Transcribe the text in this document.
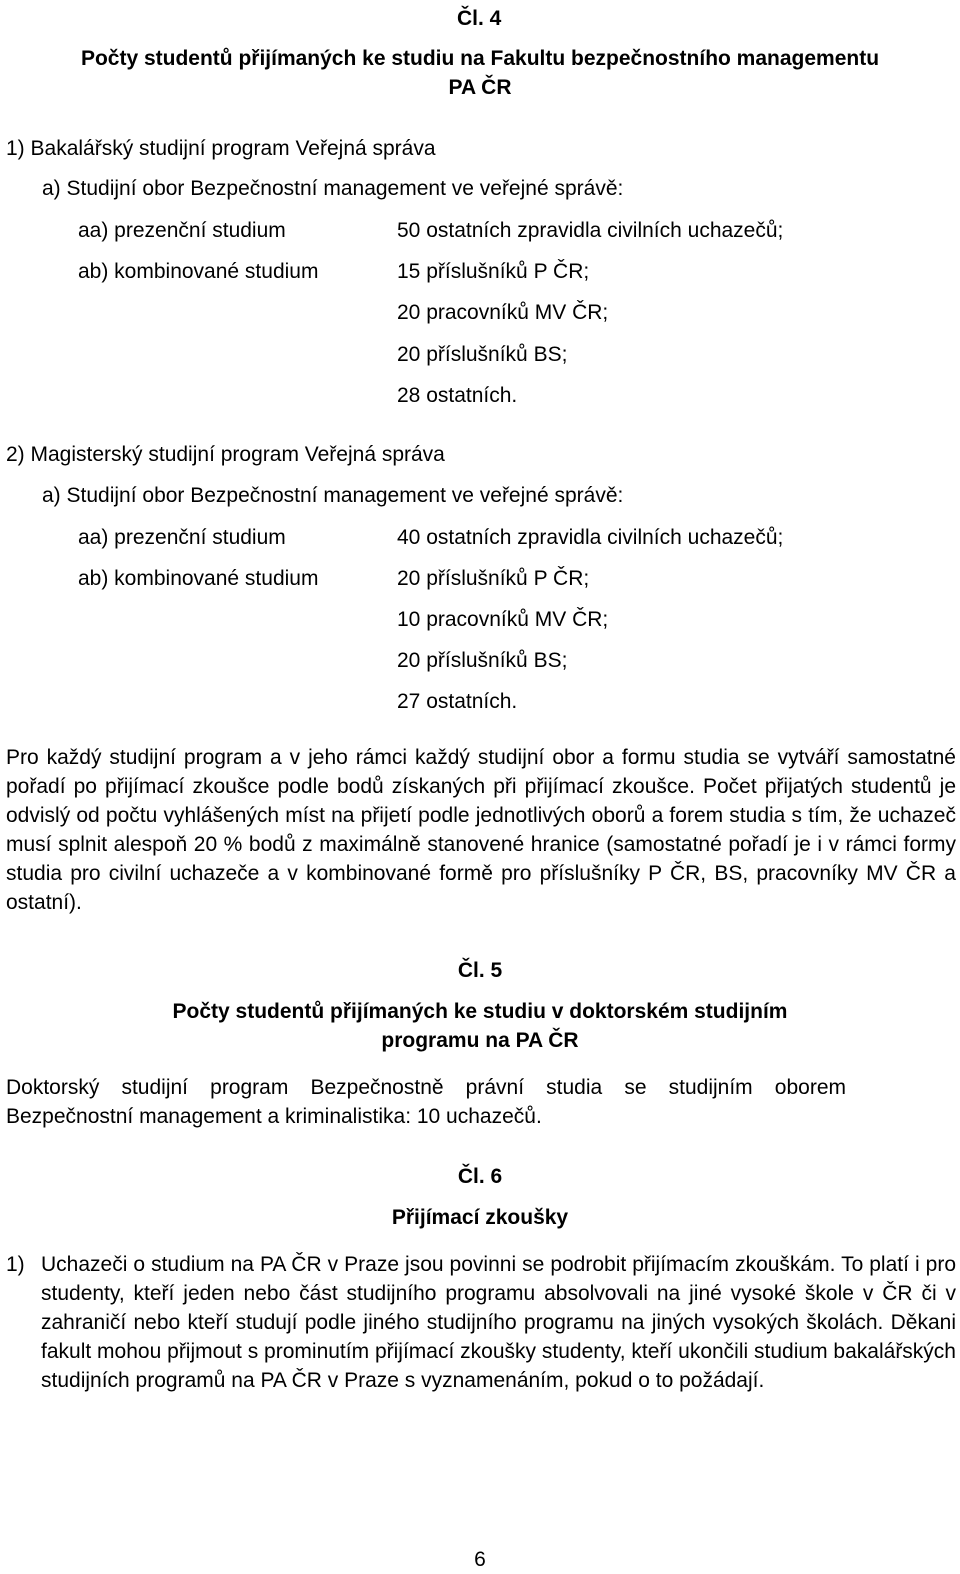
Čl. 4
Počty studentů přijímaných ke studiu na Fakultu bezpečnostního managementu
PA ČR
1) Bakalářský studijní program Veřejná správa
a) Studijní obor Bezpečnostní management ve veřejné správě:
aa) prezenční studium	50 ostatních zpravidla civilních uchazečů;
ab) kombinované studium	15 příslušníků P ČR;
20 pracovníků MV ČR;
20 příslušníků BS;
28 ostatních.
2) Magisterský studijní program Veřejná správa
a) Studijní obor Bezpečnostní management ve veřejné správě:
aa) prezenční studium	40 ostatních zpravidla civilních uchazečů;
ab) kombinované studium	20 příslušníků P ČR;
10 pracovníků MV ČR;
20 příslušníků BS;
27 ostatních.
Pro každý studijní program a v jeho rámci každý studijní obor a formu studia se vytváří samostatné pořadí po přijímací zkoušce podle bodů získaných při přijímací zkoušce. Počet přijatých studentů je odvislý od počtu vyhlášených míst na přijetí podle jednotlivých oborů a forem studia s tím, že uchazeč musí splnit alespoň 20 % bodů z maximálně stanovené hranice (samostatné pořadí je i v rámci formy studia pro civilní uchazeče a v kombinované formě pro příslušníky P ČR, BS, pracovníky MV ČR a ostatní).
Čl. 5
Počty studentů přijímaných ke studiu v doktorském studijním
programu na PA ČR
Doktorský studijní program Bezpečnostně právní studia se studijním oborem Bezpečnostní management a kriminalistika: 10 uchazečů.
Čl. 6
Přijímací zkoušky
1) Uchazeči o studium na PA ČR v Praze jsou povinni se podrobit přijímacím zkouškám. To platí i pro studenty, kteří jeden nebo část studijního programu absolvovali na jiné vysoké škole v ČR či v zahraničí nebo kteří studují podle jiného studijního programu na jiných vysokých školách. Děkani fakult mohou přijmout s prominutím přijímací zkoušky studenty, kteří ukončili studium bakalářských studijních programů na PA ČR v Praze s vyznamenáním, pokud o to požádají.
6
